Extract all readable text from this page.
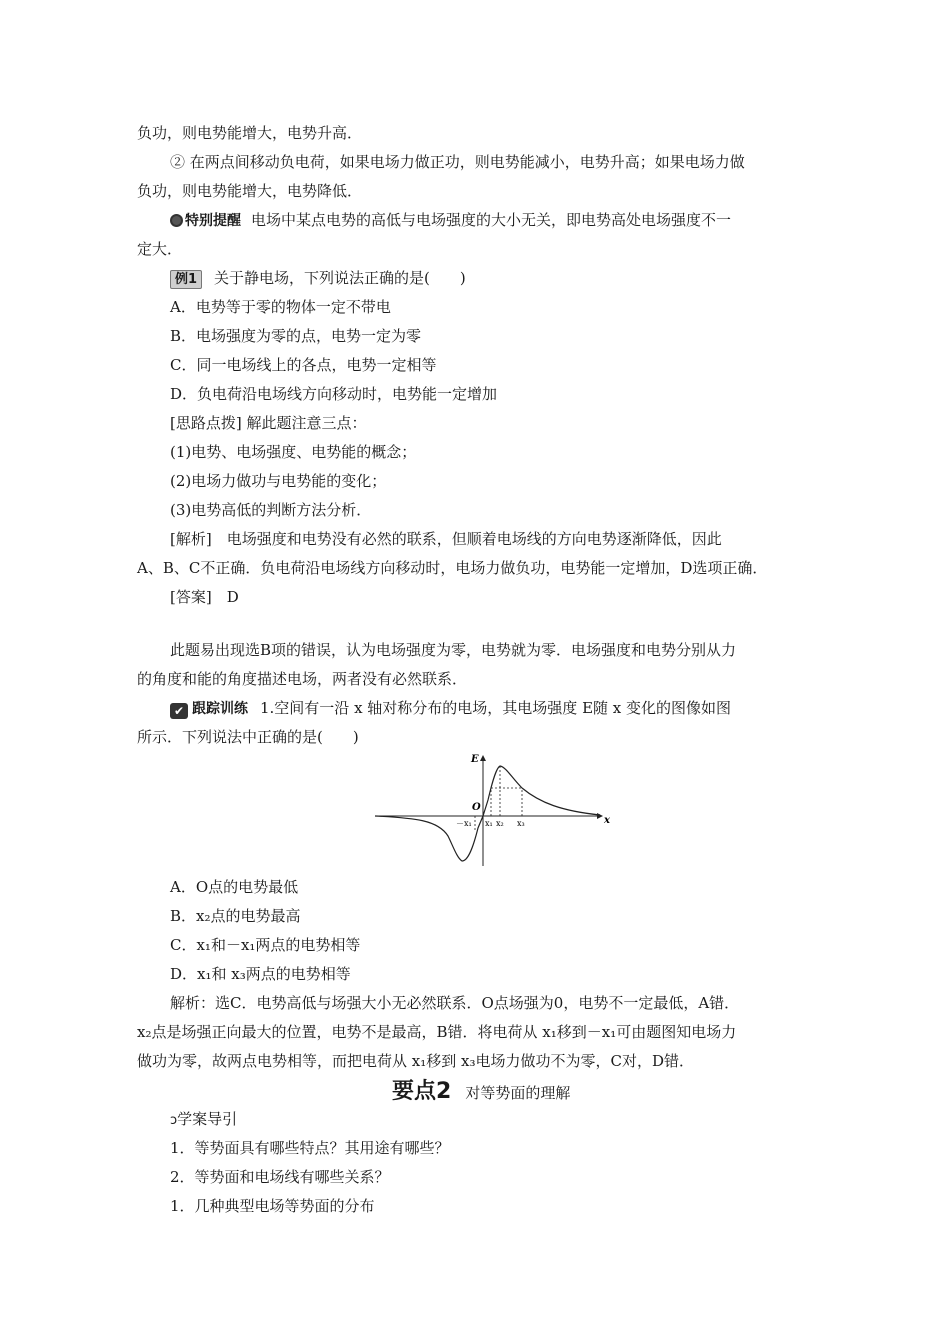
负功，则电势能增大，电势升高．
② 在两点间移动负电荷，如果电场力做正功，则电势能减小，电势升高；如果电场力做
负功，则电势能增大，电势降低．
特别提醒 电场中某点电势的高低与电场强度的大小无关，即电势高处电场强度不一
定大．
例1 关于静电场，下列说法正确的是(　　)
A．电势等于零的物体一定不带电
B．电场强度为零的点，电势一定为零
C．同一电场线上的各点，电势一定相等
D．负电荷沿电场线方向移动时，电势能一定增加
[思路点拨] 解此题注意三点：
(1)电势、电场强度、电势能的概念；
(2)电场力做功与电势能的变化；
(3)电势高低的判断方法分析．
[解析]　电场强度和电势没有必然的联系，但顺着电场线的方向电势逐渐降低，因此
A、B、C不正确．负电荷沿电场线方向移动时，电场力做负功，电势能一定增加，D选项正确．
[答案]　D
此题易出现选B项的错误，认为电场强度为零，电势就为零．电场强度和电势分别从力
的角度和能的角度描述电场，两者没有必然联系．
✔ 跟踪训练 1.空间有一沿 x 轴对称分布的电场，其电场强度 E随 x 变化的图像如图
所示．下列说法中正确的是(　　)
E
x
O
－x₁ x₁ x₂ x₃
A．O点的电势最低
B．x₂点的电势最高
C．x₁和－x₁两点的电势相等
D．x₁和 x₃两点的电势相等
解析：选C．电势高低与场强大小无必然联系．O点场强为0，电势不一定最低，A错．
x₂点是场强正向最大的位置，电势不是最高，B错．将电荷从 x₁移到－x₁可由题图知电场力
做功为零，故两点电势相等，而把电荷从 x₁移到 x₃电场力做功不为零，C对，D错．
要点2 对等势面的理解
ↄ学案导引
1．等势面具有哪些特点？其用途有哪些？
2．等势面和电场线有哪些关系？
1．几种典型电场等势面的分布
